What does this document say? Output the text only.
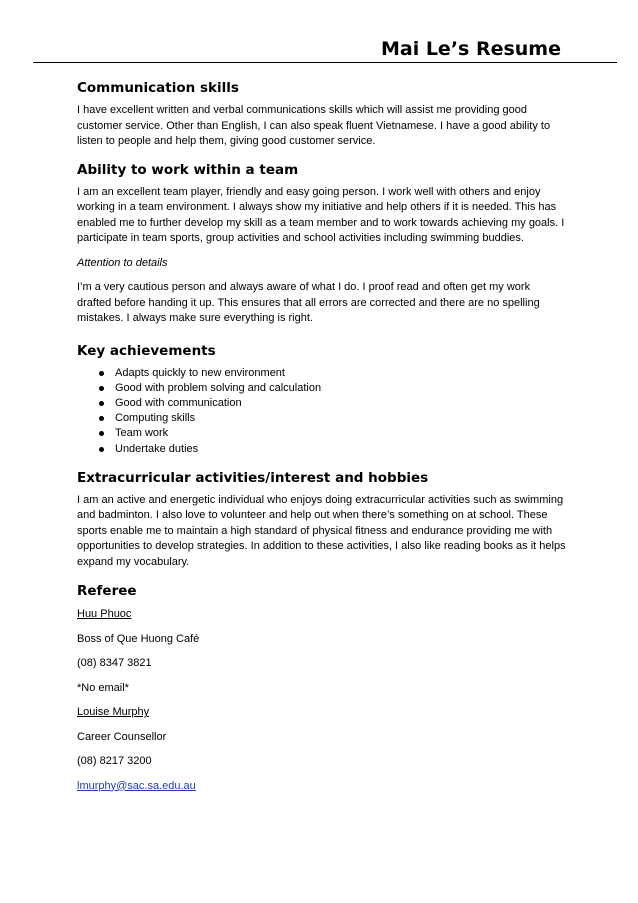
Mai Le’s Resume
Communication skills

I have excellent written and verbal communications skills which will assist me providing good customer service. Other than English, I can also speak fluent Vietnamese. I have a good ability to listen to people and help them, giving good customer service.

Ability to work within a team

I am an excellent team player, friendly and easy going person. I work well with others and enjoy working in a team environment. I always show my initiative and help others if it is needed. This has enabled me to further develop my skill as a team member and to work towards achieving my goals. I participate in team sports, group activities and school activities including swimming buddies.

Attention to details

I’m a very cautious person and always aware of what I do. I proof read and often get my work drafted before handing it up. This ensures that all errors are corrected and there are no spelling mistakes. I always make sure everything is right.

Key achievements
Adapts quickly to new environment
Good with problem solving and calculation
Good with communication
Computing skills
Team work
Undertake duties
Extracurricular activities/interest and hobbies

I am an active and energetic individual who enjoys doing extracurricular activities such as swimming and badminton. I also love to volunteer and help out when there’s something on at school. These sports enable me to maintain a high standard of physical fitness and endurance providing me with opportunities to develop strategies. In addition to these activities, I also like reading books as it helps expand my vocabulary.

Referee

Huu Phuoc

Boss of Que Huong Café

(08) 8347 3821

*No email*

Louise Murphy

Career Counsellor

(08) 8217 3200

lmurphy@sac.sa.edu.au
